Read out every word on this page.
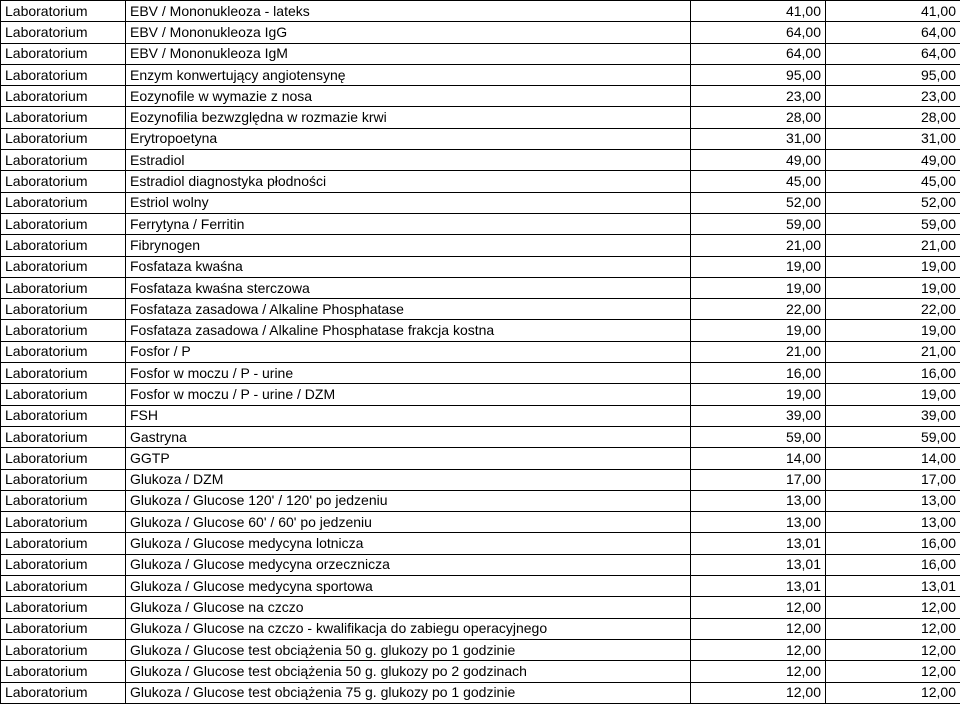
Laboratorium	EBV / Mononukleoza - lateks	41,00	41,00
Laboratorium	EBV / Mononukleoza IgG	64,00	64,00
Laboratorium	EBV / Mononukleoza IgM	64,00	64,00
Laboratorium	Enzym konwertujący angiotensynę	95,00	95,00
Laboratorium	Eozynofile w wymazie z nosa	23,00	23,00
Laboratorium	Eozynofilia bezwzględna w rozmazie krwi	28,00	28,00
Laboratorium	Erytropoetyna	31,00	31,00
Laboratorium	Estradiol	49,00	49,00
Laboratorium	Estradiol diagnostyka płodności	45,00	45,00
Laboratorium	Estriol wolny	52,00	52,00
Laboratorium	Ferrytyna / Ferritin	59,00	59,00
Laboratorium	Fibrynogen	21,00	21,00
Laboratorium	Fosfataza kwaśna	19,00	19,00
Laboratorium	Fosfataza kwaśna sterczowa	19,00	19,00
Laboratorium	Fosfataza zasadowa / Alkaline Phosphatase	22,00	22,00
Laboratorium	Fosfataza zasadowa / Alkaline Phosphatase frakcja kostna	19,00	19,00
Laboratorium	Fosfor / P	21,00	21,00
Laboratorium	Fosfor w moczu / P - urine	16,00	16,00
Laboratorium	Fosfor w moczu / P - urine / DZM	19,00	19,00
Laboratorium	FSH	39,00	39,00
Laboratorium	Gastryna	59,00	59,00
Laboratorium	GGTP	14,00	14,00
Laboratorium	Glukoza / DZM	17,00	17,00
Laboratorium	Glukoza / Glucose 120' / 120' po jedzeniu	13,00	13,00
Laboratorium	Glukoza / Glucose 60' / 60' po jedzeniu	13,00	13,00
Laboratorium	Glukoza / Glucose medycyna lotnicza	13,01	16,00
Laboratorium	Glukoza / Glucose medycyna orzecznicza	13,01	16,00
Laboratorium	Glukoza / Glucose medycyna sportowa	13,01	13,01
Laboratorium	Glukoza / Glucose na czczo	12,00	12,00
Laboratorium	Glukoza / Glucose na czczo - kwalifikacja do zabiegu operacyjnego	12,00	12,00
Laboratorium	Glukoza / Glucose test obciążenia 50 g. glukozy po 1 godzinie	12,00	12,00
Laboratorium	Glukoza / Glucose test obciążenia 50 g. glukozy po 2 godzinach	12,00	12,00
Laboratorium	Glukoza / Glucose test obciążenia 75 g. glukozy po 1 godzinie	12,00	12,00
